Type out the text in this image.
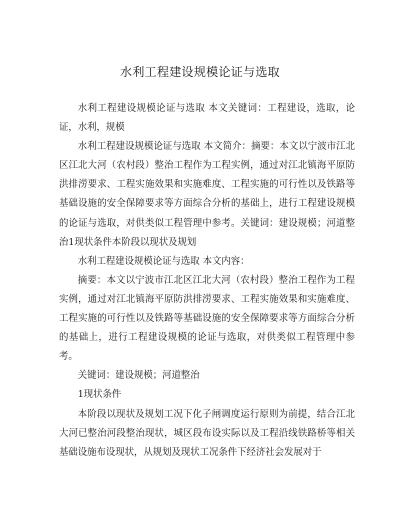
水利工程建设规模论证与选取

水利工程建设规模论证与选取 本文关键词：工程建设，选取，论证，水利，规模

水利工程建设规模论证与选取 本文简介：摘要：本文以宁波市江北区江北大河（农村段）整治工程作为工程实例，通过对江北镇海平原防洪排涝要求、工程实施效果和实施难度、工程实施的可行性以及铁路等基础设施的安全保障要求等方面综合分析的基础上，进行工程建设规模的论证与选取，对供类似工程管理中参考。关键词：建设规模；河道整治1现状条件本阶段以现状及规划

水利工程建设规模论证与选取 本文内容：

摘要：本文以宁波市江北区江北大河（农村段）整治工程作为工程实例，通过对江北镇海平原防洪排涝要求、工程实施效果和实施难度、工程实施的可行性以及铁路等基础设施的安全保障要求等方面综合分析的基础上，进行工程建设规模的论证与选取，对供类似工程管理中参考。

关键词：建设规模；河道整治

1现状条件

本阶段以现状及规划工况下化子闸调度运行原则为前提，结合江北大河已整治河段整治现状，城区段布设实际以及工程沿线铁路桥等相关基础设施布设现状，从规划及现状工况条件下经济社会发展对于
